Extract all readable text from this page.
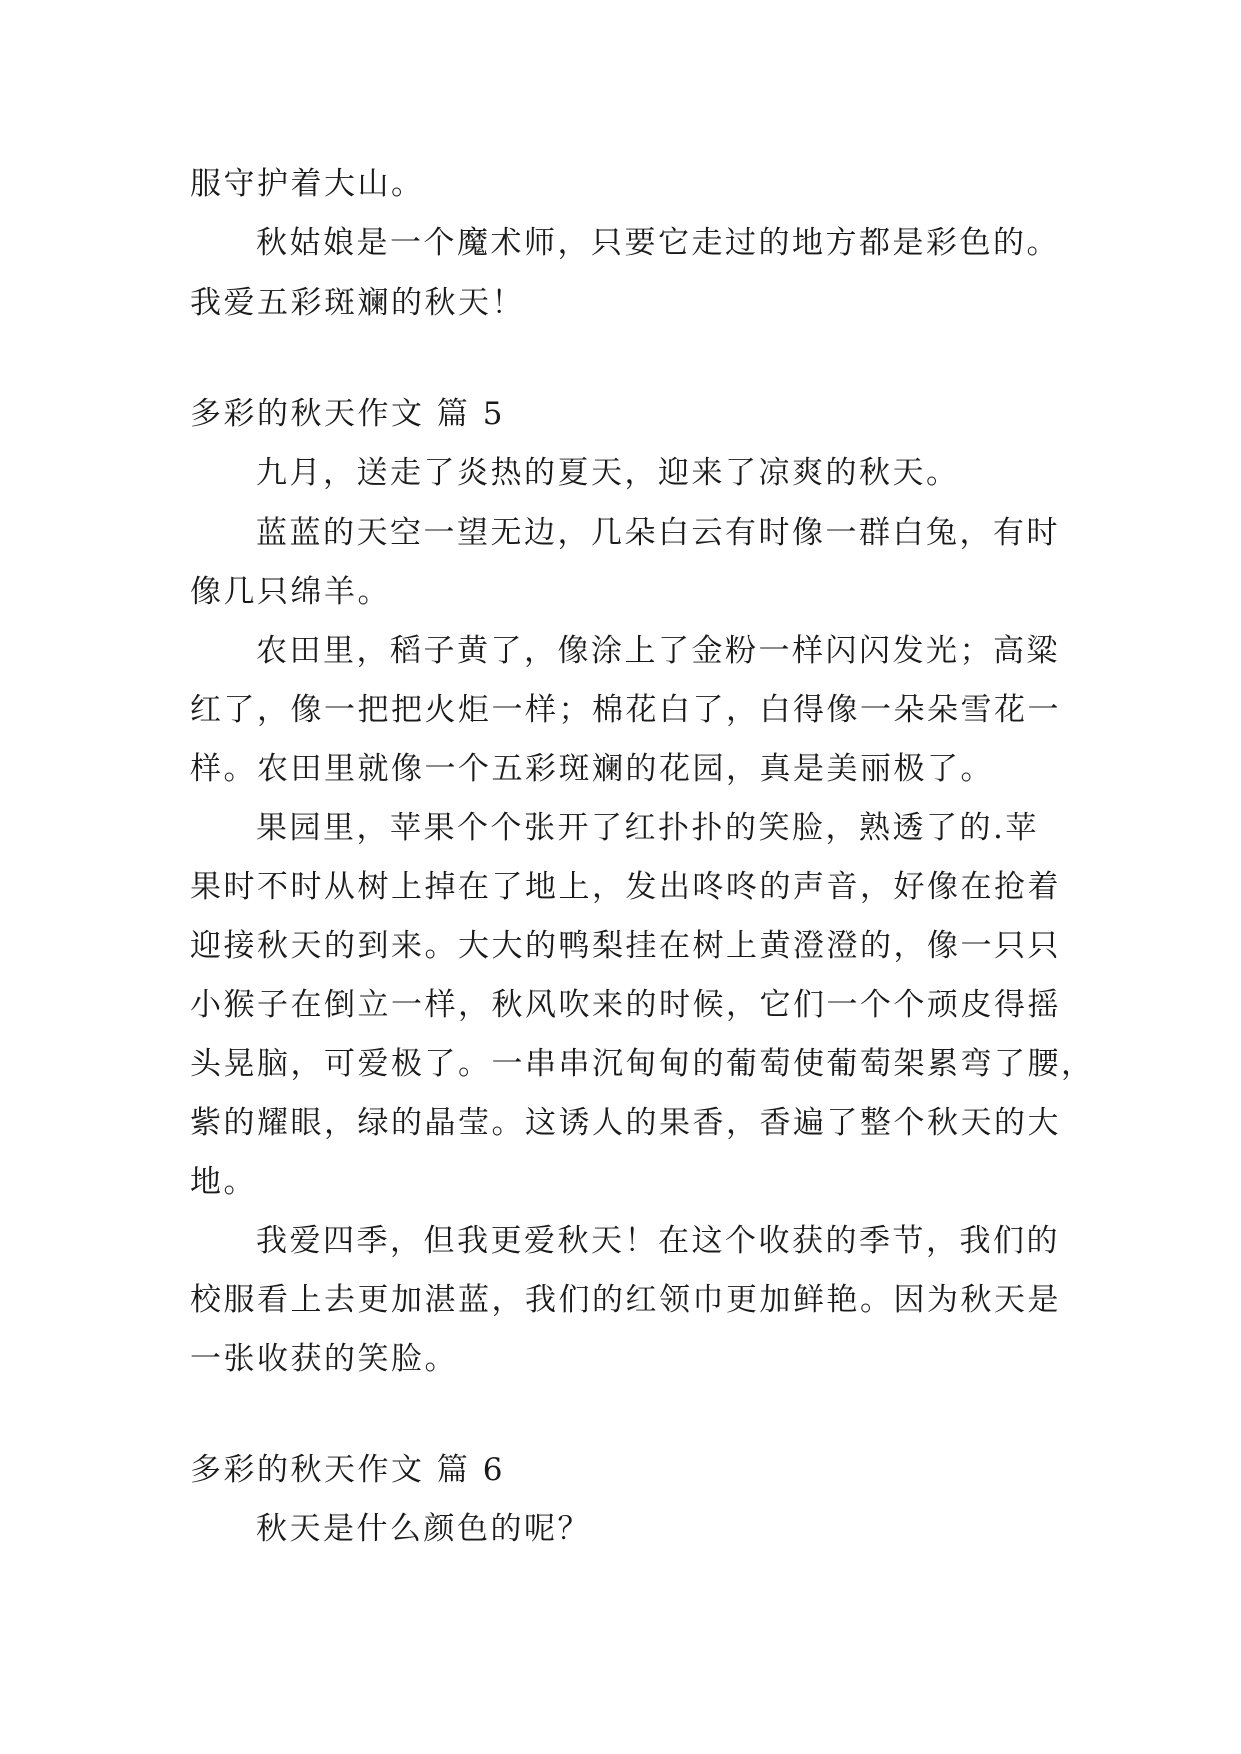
服守护着大山。
秋姑娘是一个魔术师，只要它走过的地方都是彩色的。
我爱五彩斑斓的秋天！
多彩的秋天作文 篇 5
九月，送走了炎热的夏天，迎来了凉爽的秋天。
蓝蓝的天空一望无边，几朵白云有时像一群白兔，有时
像几只绵羊。
农田里，稻子黄了，像涂上了金粉一样闪闪发光；高粱
红了，像一把把火炬一样；棉花白了，白得像一朵朵雪花一
样。农田里就像一个五彩斑斓的花园，真是美丽极了。
果园里，苹果个个张开了红扑扑的笑脸，熟透了的.苹
果时不时从树上掉在了地上，发出咚咚的声音，好像在抢着
迎接秋天的到来。大大的鸭梨挂在树上黄澄澄的，像一只只
小猴子在倒立一样，秋风吹来的时候，它们一个个顽皮得摇
头晃脑，可爱极了。一串串沉甸甸的葡萄使葡萄架累弯了腰，
紫的耀眼，绿的晶莹。这诱人的果香，香遍了整个秋天的大
地。
我爱四季，但我更爱秋天！在这个收获的季节，我们的
校服看上去更加湛蓝，我们的红领巾更加鲜艳。因为秋天是
一张收获的笑脸。
多彩的秋天作文 篇 6
秋天是什么颜色的呢？
